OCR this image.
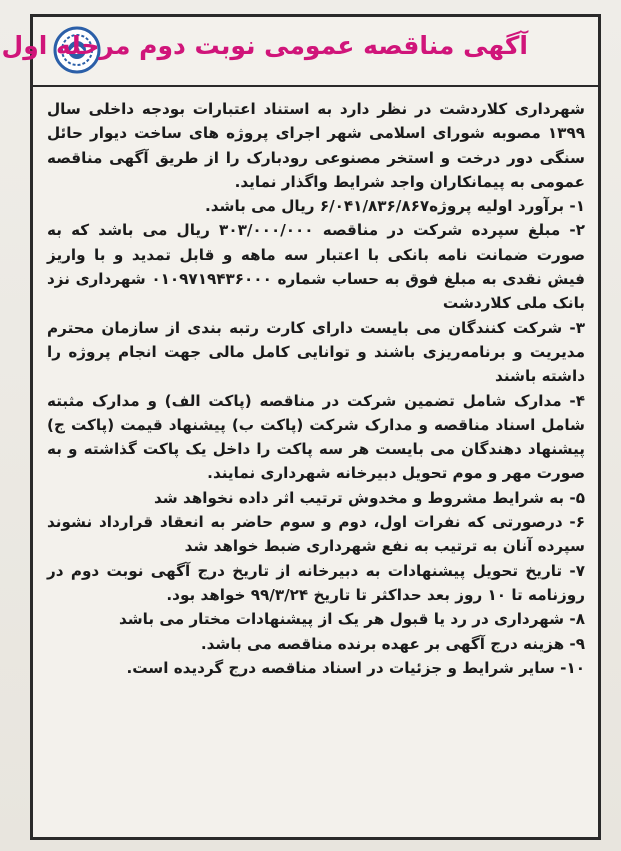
آگهی مناقصه عمومی نوبت دوم مرحله اول

شهرداری کلاردشت در نظر دارد به استناد اعتبارات بودجه داخلی سال ۱۳۹۹ مصوبه شورای اسلامی شهر اجرای پروژه های ساخت دیوار حائل سنگی دور درخت و استخر مصنوعی رودبارک را از طریق آگهی مناقصه عمومی به پیمانکاران واجد شرایط واگذار نماید.

۱- برآورد اولیه پروژه۶/۰۴۱/۸۳۶/۸۶۷ ریال می باشد.

۲- مبلغ سپرده شرکت در مناقصه ۳۰۳/۰۰۰/۰۰۰ ریال می باشد که به صورت ضمانت نامه بانکی با اعتبار سه ماهه و قابل تمدید و با واریز فیش نقدی به مبلغ فوق به حساب شماره ۰۱۰۹۷۱۹۴۳۶۰۰۰ شهرداری نزد بانک ملی کلاردشت

۳- شرکت کنندگان می بایست دارای کارت رتبه بندی از سازمان محترم مدیریت و برنامه‌ریزی باشند و توانایی کامل مالی جهت انجام پروژه را داشته باشند

۴- مدارک شامل تضمین شرکت در مناقصه (پاکت الف) و مدارک مثبته شامل اسناد مناقصه و مدارک شرکت (پاکت ب) پیشنهاد قیمت (پاکت ج) پیشنهاد دهندگان می بایست هر سه پاکت را داخل یک پاکت گذاشته و به صورت مهر و موم تحویل دبیرخانه شهرداری نمایند.

۵- به شرایط مشروط و مخدوش ترتیب اثر داده نخواهد شد

۶- درصورتی که نفرات اول، دوم و سوم حاضر به انعقاد قرارداد نشوند سپرده آنان به ترتیب به نفع شهرداری ضبط خواهد شد

۷- تاریخ تحویل پیشنهادات به دبیرخانه از تاریخ درج آگهی نوبت دوم در روزنامه تا ۱۰ روز بعد حداکثر تا تاریخ ۹۹/۳/۲۴ خواهد بود.

۸- شهرداری در رد یا قبول هر یک از پیشنهادات مختار می باشد

۹- هزینه درج آگهی بر عهده برنده مناقصه می باشد.

۱۰- سایر شرایط و جزئیات در اسناد مناقصه درج گردیده است.
